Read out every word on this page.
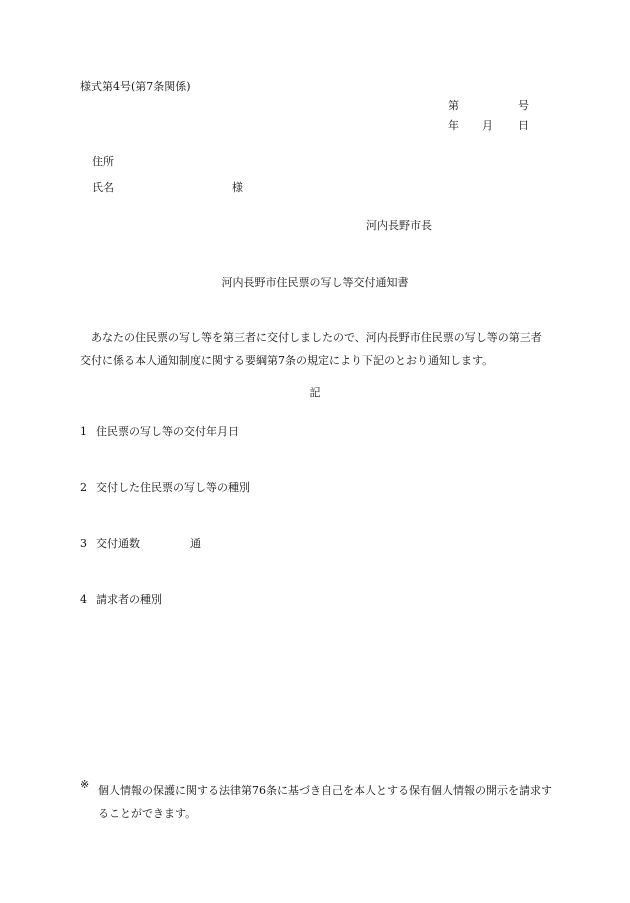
様式第4号(第7条関係)
第	号
年 月 日
住所
氏名	様
河内長野市長
河内長野市住民票の写し等交付通知書
あなたの住民票の写し等を第三者に交付しましたので、河内長野市住民票の写し等の第三者交付に係る本人通知制度に関する要綱第7条の規定により下記のとおり通知します。
記
1 住民票の写し等の交付年月日
2 交付した住民票の写し等の種別
3 交付通数	通
4 請求者の種別
※ 個人情報の保護に関する法律第76条に基づき自己を本人とする保有個人情報の開示を請求することができます。
